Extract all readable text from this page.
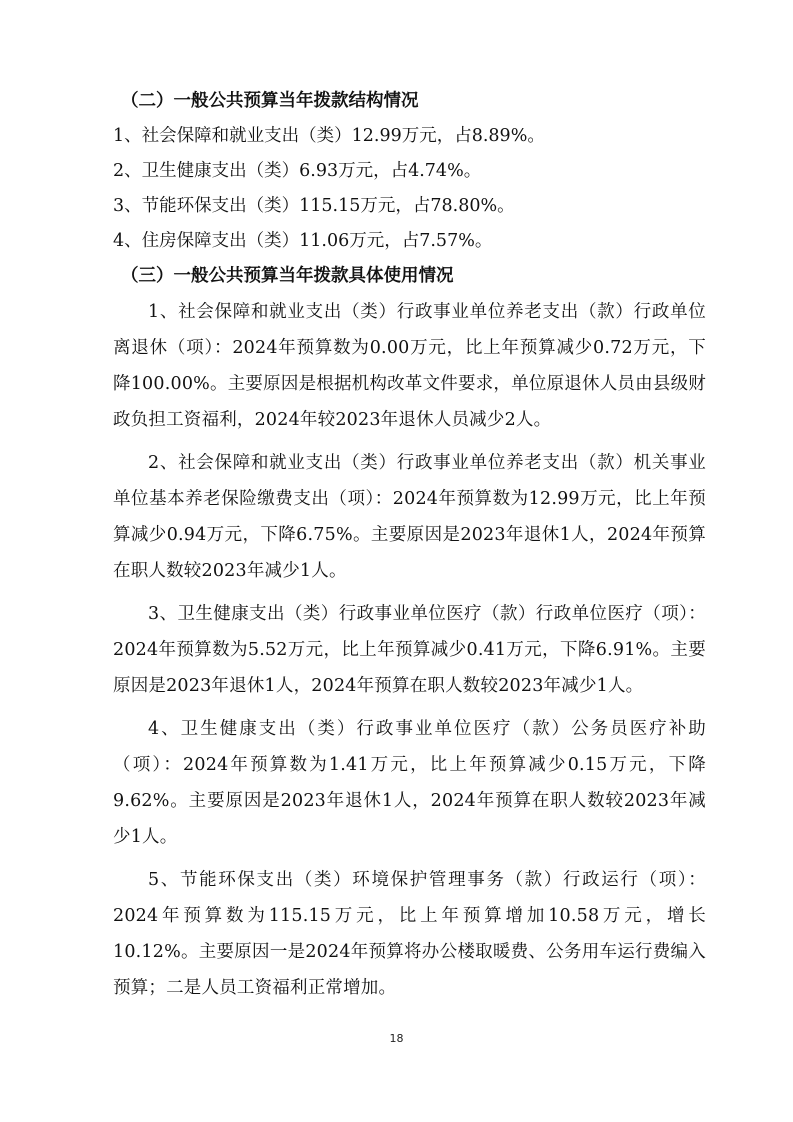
（二）一般公共预算当年拨款结构情况

1、社会保障和就业支出（类）12.99万元，占8.89%。

2、卫生健康支出（类）6.93万元，占4.74%。

3、节能环保支出（类）115.15万元，占78.80%。

4、住房保障支出（类）11.06万元，占7.57%。

（三）一般公共预算当年拨款具体使用情况

1、社会保障和就业支出（类）行政事业单位养老支出（款）行政单位离退休（项）：2024年预算数为0.00万元，比上年预算减少0.72万元，下降100.00%。主要原因是根据机构改革文件要求，单位原退休人员由县级财政负担工资福利，2024年较2023年退休人员减少2人。

2、社会保障和就业支出（类）行政事业单位养老支出（款）机关事业单位基本养老保险缴费支出（项）：2024年预算数为12.99万元，比上年预算减少0.94万元，下降6.75%。主要原因是2023年退休1人，2024年预算在职人数较2023年减少1人。

3、卫生健康支出（类）行政事业单位医疗（款）行政单位医疗（项）：2024年预算数为5.52万元，比上年预算减少0.41万元，下降6.91%。主要原因是2023年退休1人，2024年预算在职人数较2023年减少1人。

4、卫生健康支出（类）行政事业单位医疗（款）公务员医疗补助（项）：2024年预算数为1.41万元，比上年预算减少0.15万元，下降9.62%。主要原因是2023年退休1人，2024年预算在职人数较2023年减少1人。

5、节能环保支出（类）环境保护管理事务（款）行政运行（项）：2024年预算数为115.15万元，比上年预算增加10.58万元，增长10.12%。主要原因一是2024年预算将办公楼取暖费、公务用车运行费编入预算；二是人员工资福利正常增加。

18
